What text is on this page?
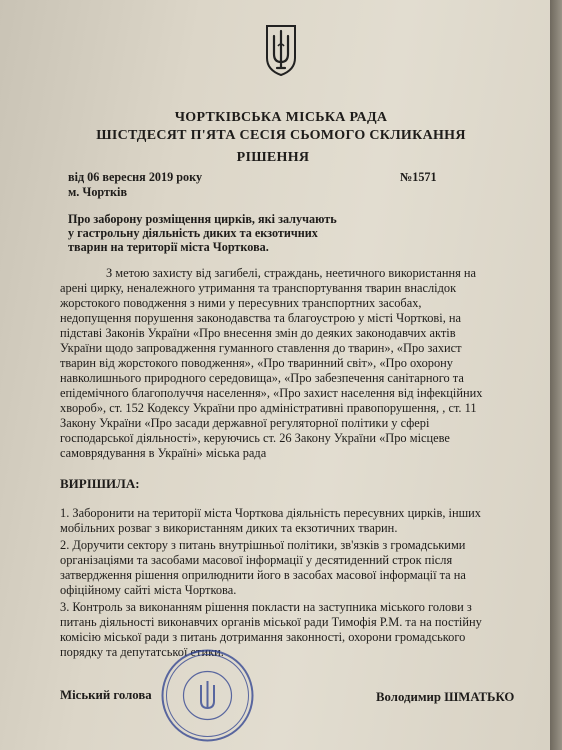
ЧОРТКІВСЬКА МІСЬКА РАДА
ШІСТДЕСЯТ П'ЯТА СЕСІЯ СЬОМОГО СКЛИКАННЯ
РІШЕННЯ
від 06 вересня 2019 року	№1571
м. Чортків
Про заборону розміщення цирків, які залучають
у гастрольну діяльність диких та екзотичних
тварин на території міста Чорткова.
З метою захисту від загибелі, страждань, неетичного використання на
арені цирку, неналежного утримання та транспортування тварин внаслідок
жорстокого поводження з ними у пересувних транспортних засобах,
недопущення порушення законодавства та благоустрою у місті Чорткові, на
підставі Законів України «Про внесення змін до деяких законодавчих актів
України щодо запровадження гуманного ставлення до тварин», «Про захист
тварин від жорстокого поводження», «Про тваринний світ», «Про охорону
навколишнього природного середовища», «Про забезпечення санітарного та
епідемічного благополуччя населення», «Про захист населення від інфекційних
хвороб», ст. 152 Кодексу України про адміністративні правопорушення, , ст. 11
Закону України «Про засади державної регуляторної політики у сфері
господарської діяльності», керуючись ст. 26 Закону України «Про місцеве
самоврядування в Україні» міська рада
ВИРІШИЛА:
1. Заборонити на території міста Чорткова діяльність пересувних цирків, інших
мобільних розваг з використанням диких та екзотичних тварин.
2. Доручити сектору з питань внутрішньої політики, зв'язків з громадськими
організаціями та засобами масової інформації у десятиденний строк після
затвердження рішення оприлюднити його в засобах масової інформації та на
офіційному сайті міста Чорткова.
3. Контроль за виконанням рішення покласти на заступника міського голови з
питань діяльності виконавчих органів міської ради Тимофія Р.М. та на постійну
комісію міської ради з питань дотримання законності, охорони громадського
порядку та депутатської етики.
Міський голова	Володимир ШМАТЬКО
